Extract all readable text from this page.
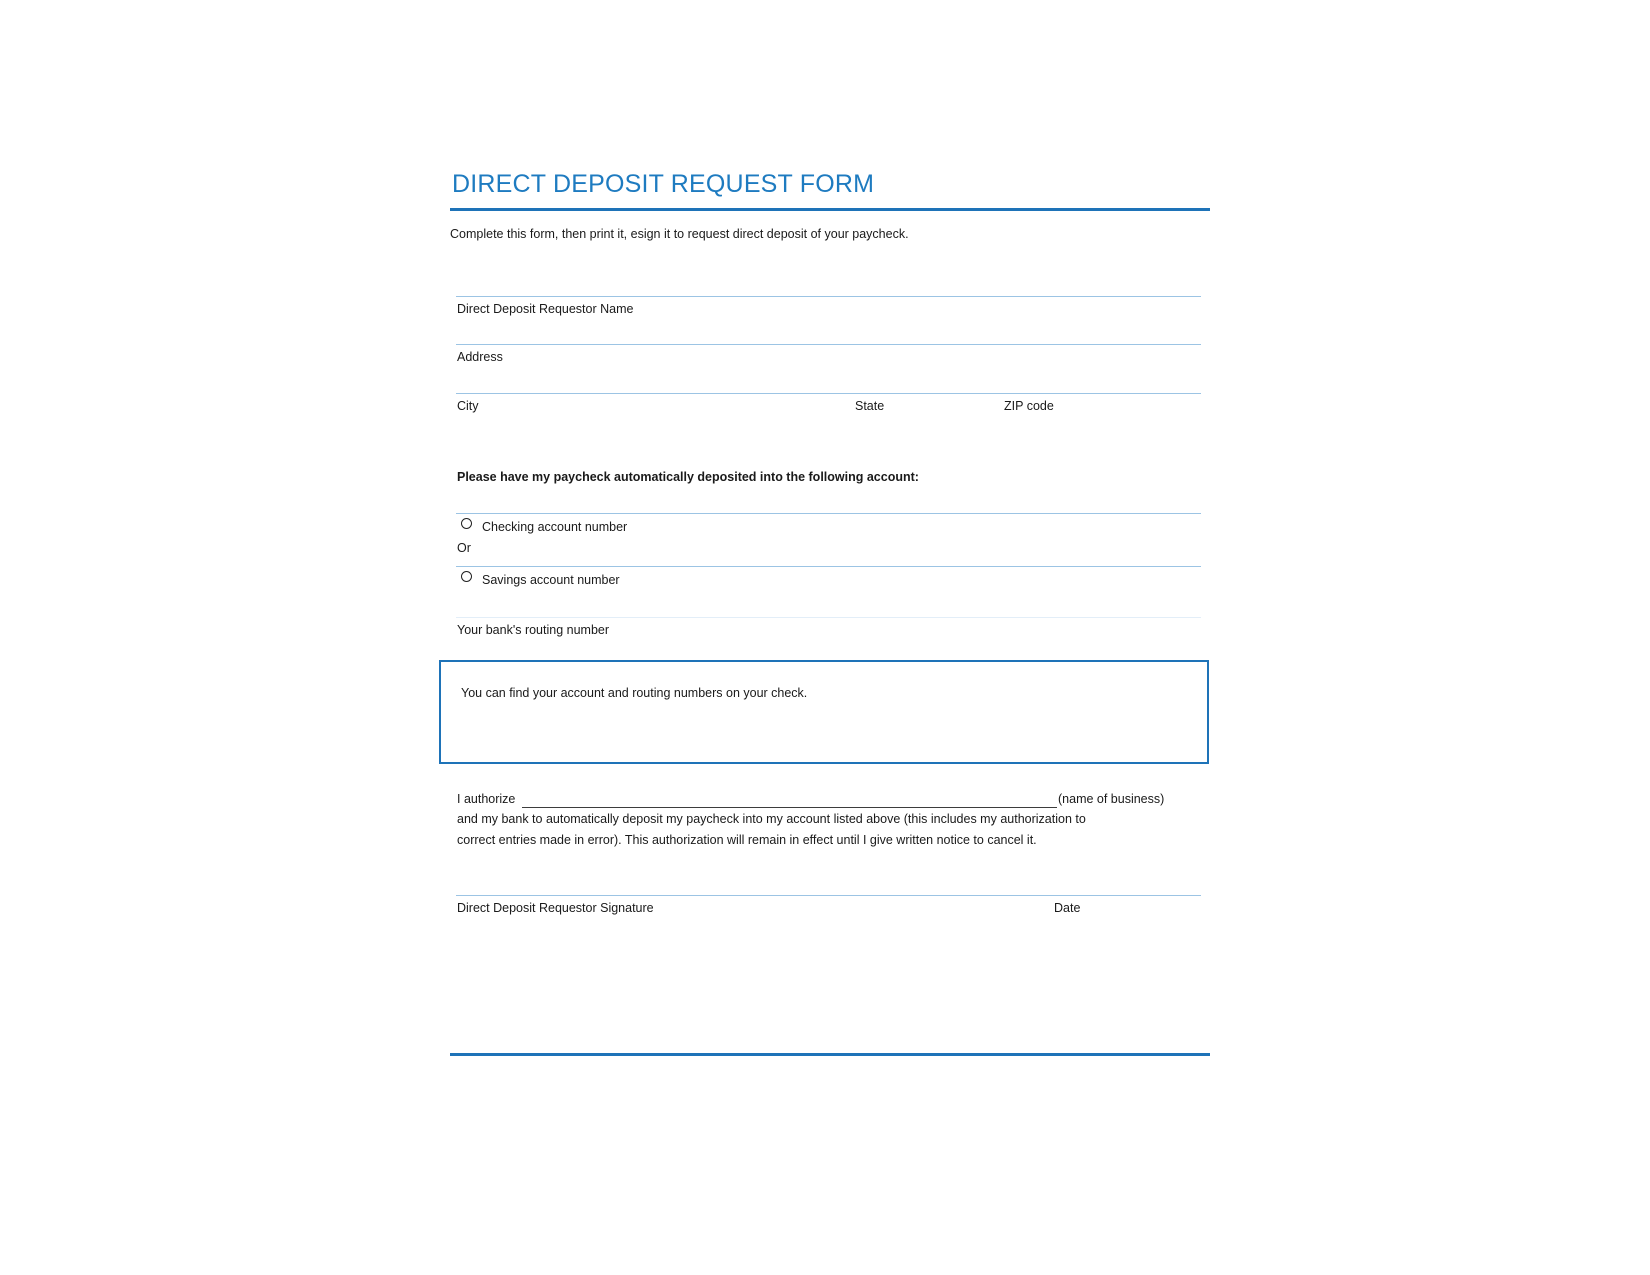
DIRECT DEPOSIT REQUEST FORM
Complete this form, then print it, esign it to request direct deposit of your paycheck.
Direct Deposit Requestor Name
Address
City	State	ZIP code
Please have my paycheck automatically deposited into the following account:
Checking account number
Or
Savings account number
Your bank's routing number
You can find your account and routing numbers on your check.
I authorize	(name of business)
and my bank to automatically deposit my paycheck into my account listed above (this includes my authorization to
correct entries made in error). This authorization will remain in effect until I give written notice to cancel it.
Direct Deposit Requestor Signature	Date
